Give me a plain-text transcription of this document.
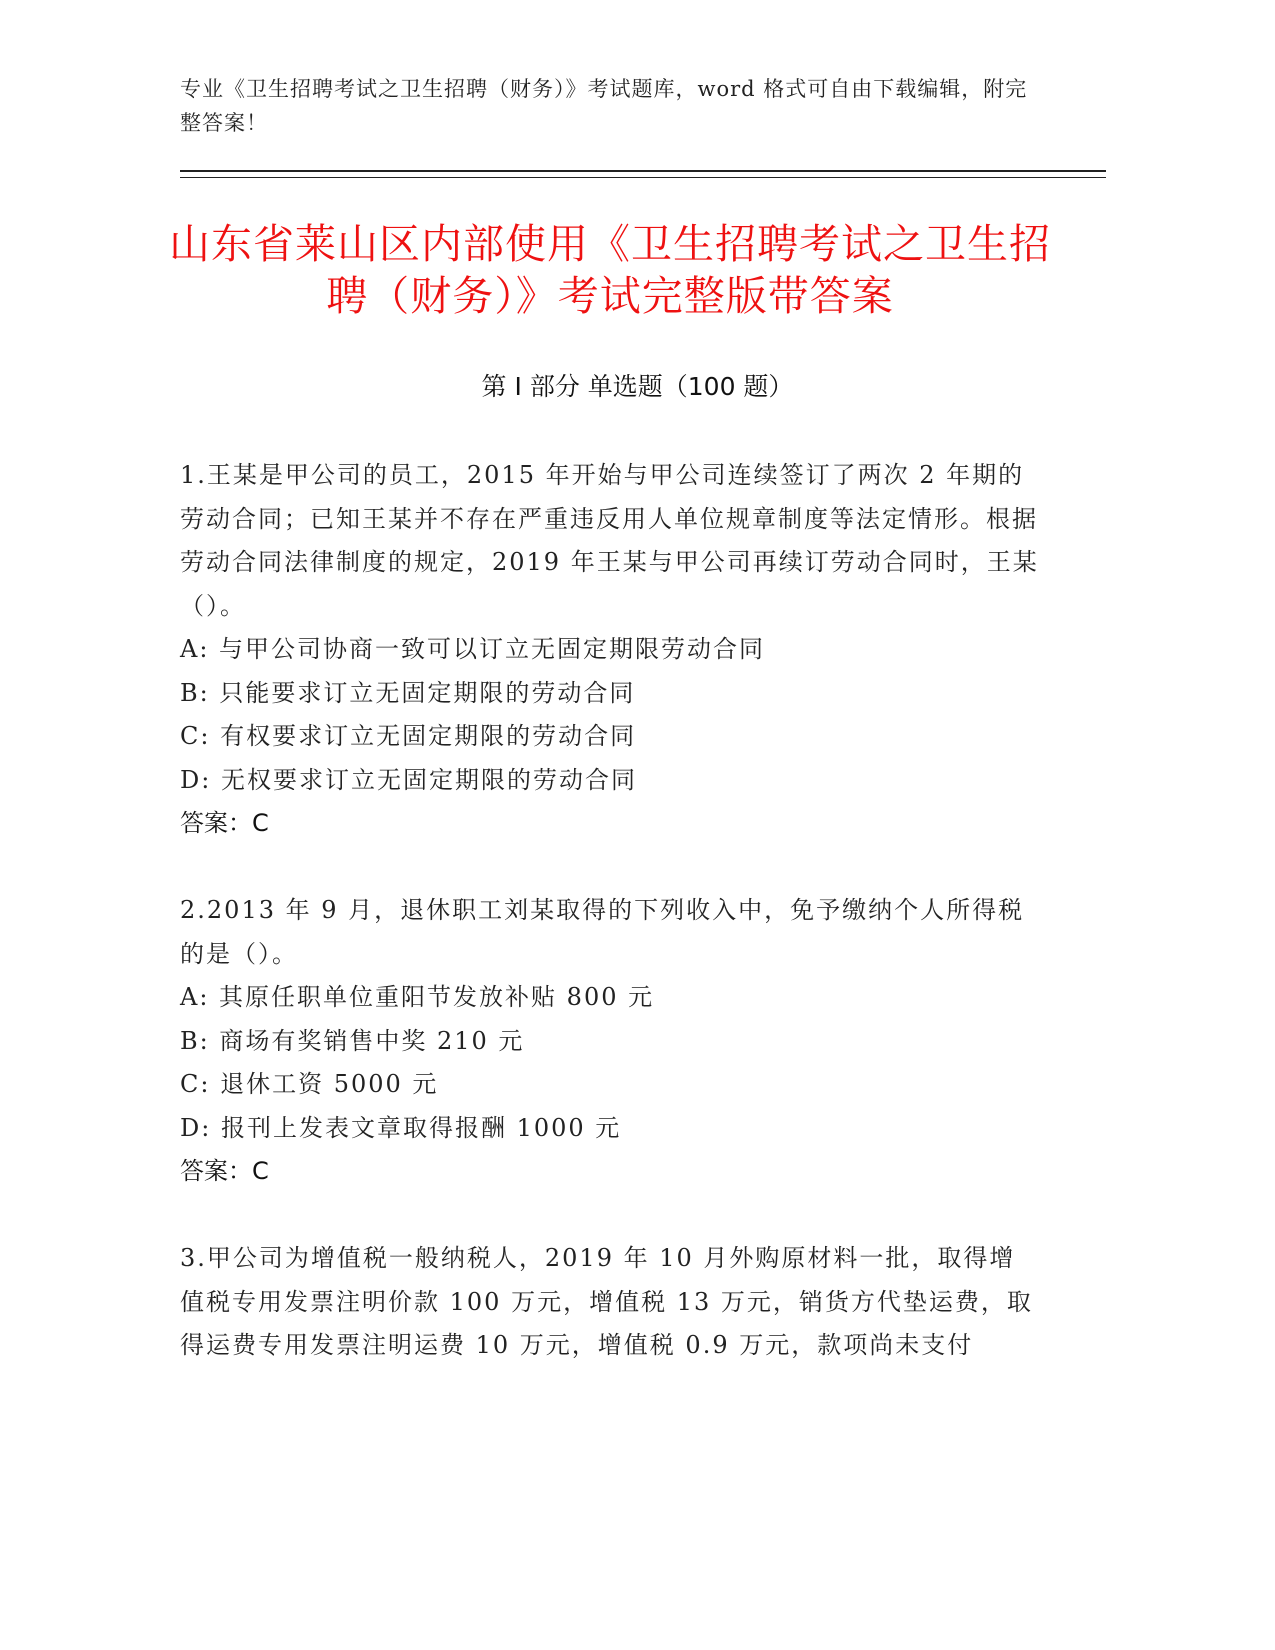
专业《卫生招聘考试之卫生招聘（财务）》考试题库，word 格式可自由下载编辑，附完整答案！
山东省莱山区内部使用《卫生招聘考试之卫生招聘（财务）》考试完整版带答案
第 I 部分 单选题（100 题）

1.王某是甲公司的员工，2015 年开始与甲公司连续签订了两次 2 年期的劳动合同；已知王某并不存在严重违反用人单位规章制度等法定情形。根据劳动合同法律制度的规定，2019 年王某与甲公司再续订劳动合同时，王某（）。

A: 与甲公司协商一致可以订立无固定期限劳动合同

B: 只能要求订立无固定期限的劳动合同

C: 有权要求订立无固定期限的劳动合同

D: 无权要求订立无固定期限的劳动合同

答案：C

2.2013 年 9 月，退休职工刘某取得的下列收入中，免予缴纳个人所得税的是（）。

A: 其原任职单位重阳节发放补贴 800 元

B: 商场有奖销售中奖 210 元

C: 退休工资 5000 元

D: 报刊上发表文章取得报酬 1000 元

答案：C

3.甲公司为增值税一般纳税人，2019 年 10 月外购原材料一批，取得增值税专用发票注明价款 100 万元，增值税 13 万元，销货方代垫运费，取得运费专用发票注明运费 10 万元，增值税 0.9 万元，款项尚未支付
